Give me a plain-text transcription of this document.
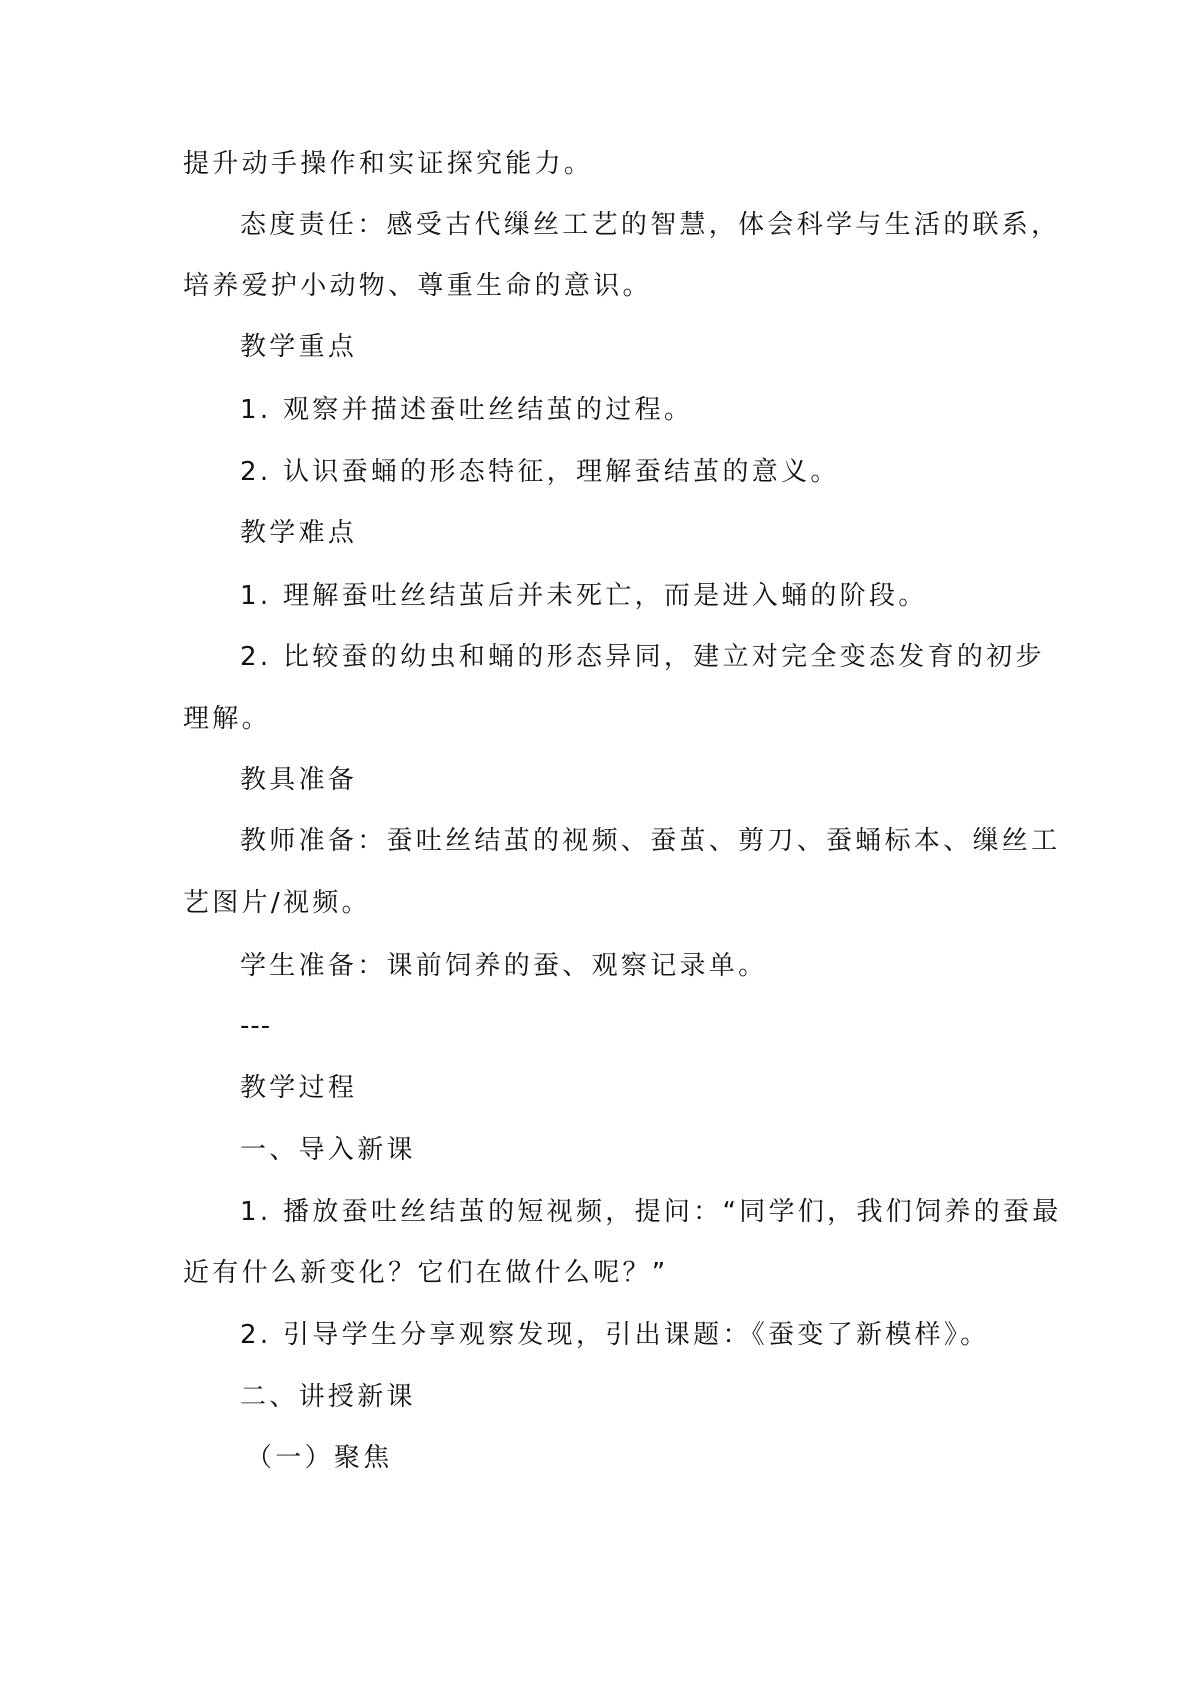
提升动手操作和实证探究能力。
态度责任：感受古代缫丝工艺的智慧，体会科学与生活的联系，
培养爱护小动物、尊重生命的意识。
教学重点
1. 观察并描述蚕吐丝结茧的过程。
2. 认识蚕蛹的形态特征，理解蚕结茧的意义。
教学难点
1. 理解蚕吐丝结茧后并未死亡，而是进入蛹的阶段。
2. 比较蚕的幼虫和蛹的形态异同，建立对完全变态发育的初步
理解。
教具准备
教师准备：蚕吐丝结茧的视频、蚕茧、剪刀、蚕蛹标本、缫丝工
艺图片/视频。
学生准备：课前饲养的蚕、观察记录单。
---
教学过程
一、导入新课
1. 播放蚕吐丝结茧的短视频，提问：“同学们，我们饲养的蚕最
近有什么新变化？它们在做什么呢？”
2. 引导学生分享观察发现，引出课题：《蚕变了新模样》。
二、讲授新课
（一）聚焦
